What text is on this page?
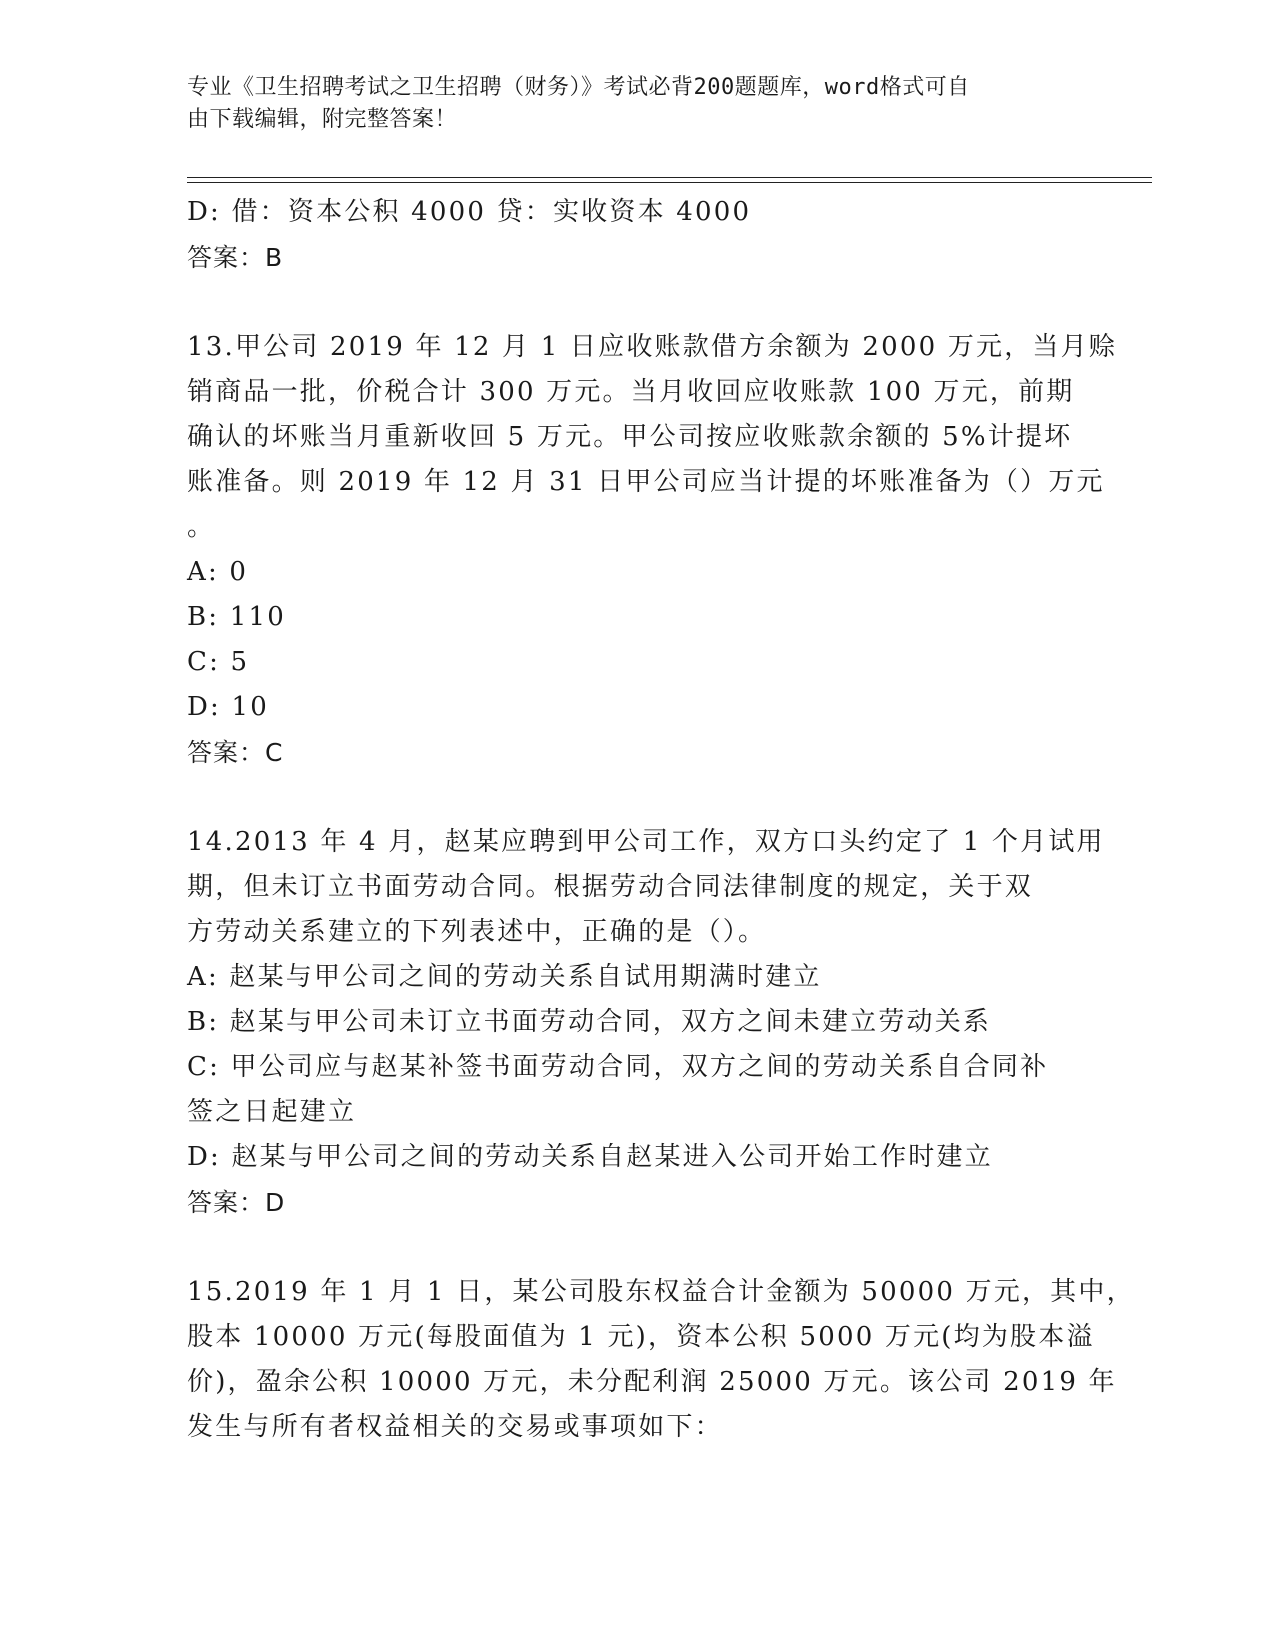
专业《卫生招聘考试之卫生招聘（财务）》考试必背200题题库，word格式可自
由下载编辑，附完整答案！
D: 借：资本公积 4000 贷：实收资本 4000
答案：B
13.甲公司 2019 年 12 月 1 日应收账款借方余额为 2000 万元，当月赊
销商品一批，价税合计 300 万元。当月收回应收账款 100 万元，前期
确认的坏账当月重新收回 5 万元。甲公司按应收账款余额的 5%计提坏
账准备。则 2019 年 12 月 31 日甲公司应当计提的坏账准备为（）万元
。
A: 0
B: 110
C: 5
D: 10
答案：C
14.2013 年 4 月，赵某应聘到甲公司工作，双方口头约定了 1 个月试用
期，但未订立书面劳动合同。根据劳动合同法律制度的规定，关于双
方劳动关系建立的下列表述中，正确的是（）。
A: 赵某与甲公司之间的劳动关系自试用期满时建立
B: 赵某与甲公司未订立书面劳动合同，双方之间未建立劳动关系
C: 甲公司应与赵某补签书面劳动合同，双方之间的劳动关系自合同补
签之日起建立
D: 赵某与甲公司之间的劳动关系自赵某进入公司开始工作时建立
答案：D
15.2019 年 1 月 1 日，某公司股东权益合计金额为 50000 万元，其中，
股本 10000 万元(每股面值为 1 元)，资本公积 5000 万元(均为股本溢
价)，盈余公积 10000 万元，未分配利润 25000 万元。该公司 2019 年
发生与所有者权益相关的交易或事项如下：
